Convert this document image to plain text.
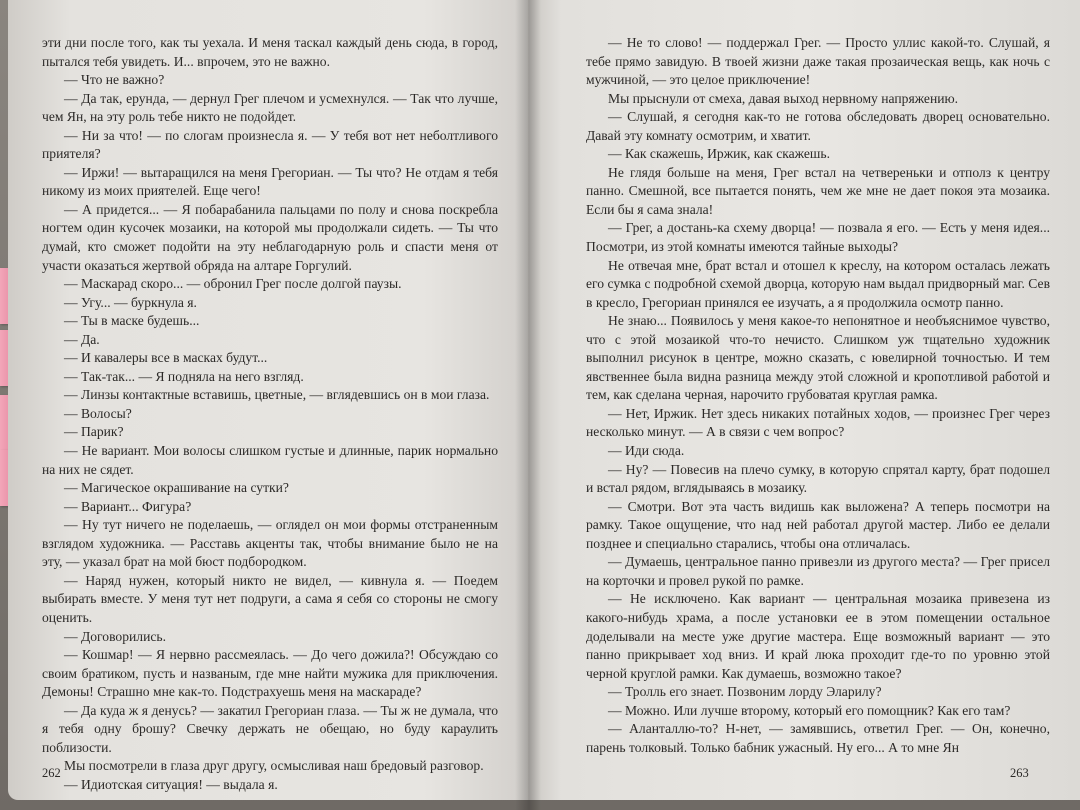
эти дни после того, как ты уехала. И меня таскал каждый день сюда, в город, пытался тебя увидеть. И... впрочем, это не важно.

— Что не важно?

— Да так, ерунда, — дернул Грег плечом и усмехнулся. — Так что лучше, чем Ян, на эту роль тебе никто не подойдет.

— Ни за что! — по слогам произнесла я. — У тебя вот нет неболтливого приятеля?

— Иржи! — вытаращился на меня Грегориан. — Ты что? Не отдам я тебя никому из моих приятелей. Еще чего!

— А придется... — Я побарабанила пальцами по полу и снова поскребла ногтем один кусочек мозаики, на которой мы продолжали сидеть. — Ты что думай, кто сможет подойти на эту неблагодарную роль и спасти меня от участи оказаться жертвой обряда на алтаре Горгулий.

— Маскарад скоро... — обронил Грег после долгой паузы.

— Угу... — буркнула я.

— Ты в маске будешь...

— Да.

— И кавалеры все в масках будут...

— Так-так... — Я подняла на него взгляд.

— Линзы контактные вставишь, цветные, — вглядевшись он в мои глаза.

— Волосы?

— Парик?

— Не вариант. Мои волосы слишком густые и длинные, парик нормально на них не сядет.

— Магическое окрашивание на сутки?

— Вариант... Фигура?

— Ну тут ничего не поделаешь, — оглядел он мои формы отстраненным взглядом художника. — Расставь акценты так, чтобы внимание было не на эту, — указал брат на мой бюст подбородком.

— Наряд нужен, который никто не видел, — кивнула я. — Поедем выбирать вместе. У меня тут нет подруги, а сама я себя со стороны не смогу оценить.

— Договорились.

— Кошмар! — Я нервно рассмеялась. — До чего дожила?! Обсуждаю со своим братиком, пусть и названым, где мне найти мужика для приключения. Демоны! Страшно мне как-то. Подстрахуешь меня на маскараде?

— Да куда ж я денусь? — закатил Грегориан глаза. — Ты ж не думала, что я тебя одну брошу? Свечку держать не обещаю, но буду караулить поблизости.

Мы посмотрели в глаза друг другу, осмысливая наш бредовый разговор.

— Идиотская ситуация! — выдала я.

262

— Не то слово! — поддержал Грег. — Просто уллис какой-то. Слушай, я тебе прямо завидую. В твоей жизни даже такая прозаическая вещь, как ночь с мужчиной, — это целое приключение!

Мы прыснули от смеха, давая выход нервному напряжению.

— Слушай, я сегодня как-то не готова обследовать дворец основательно. Давай эту комнату осмотрим, и хватит.

— Как скажешь, Иржик, как скажешь.

Не глядя больше на меня, Грег встал на четвереньки и отполз к центру панно. Смешной, все пытается понять, чем же мне не дает покоя эта мозаика. Если бы я сама знала!

— Грег, а достань-ка схему дворца! — позвала я его. — Есть у меня идея... Посмотри, из этой комнаты имеются тайные выходы?

Не отвечая мне, брат встал и отошел к креслу, на котором осталась лежать его сумка с подробной схемой дворца, которую нам выдал придворный маг. Сев в кресло, Грегориан принялся ее изучать, а я продолжила осмотр панно.

Не знаю... Появилось у меня какое-то непонятное и необъяснимое чувство, что с этой мозаикой что-то нечисто. Слишком уж тщательно художник выполнил рисунок в центре, можно сказать, с ювелирной точностью. И тем явственнее была видна разница между этой сложной и кропотливой работой и тем, как сделана черная, нарочито грубоватая круглая рамка.

— Нет, Иржик. Нет здесь никаких потайных ходов, — произнес Грег через несколько минут. — А в связи с чем вопрос?

— Иди сюда.

— Ну? — Повесив на плечо сумку, в которую спрятал карту, брат подошел и встал рядом, вглядываясь в мозаику.

— Смотри. Вот эта часть видишь как выложена? А теперь посмотри на рамку. Такое ощущение, что над ней работал другой мастер. Либо ее делали позднее и специально старались, чтобы она отличалась.

— Думаешь, центральное панно привезли из другого места? — Грег присел на корточки и провел рукой по рамке.

— Не исключено. Как вариант — центральная мозаика привезена из какого-нибудь храма, а после установки ее в этом помещении остальное доделывали на месте уже другие мастера. Еще возможный вариант — это панно прикрывает ход вниз. И край люка проходит где-то по уровню этой черной круглой рамки. Как думаешь, возможно такое?

— Тролль его знает. Позвоним лорду Эларилу?

— Можно. Или лучше второму, который его помощник? Как его там?

— Аланталлю-то? Н-нет, — замявшись, ответил Грег. — Он, конечно, парень толковый. Только бабник ужасный. Ну его... А то мне Ян

263
